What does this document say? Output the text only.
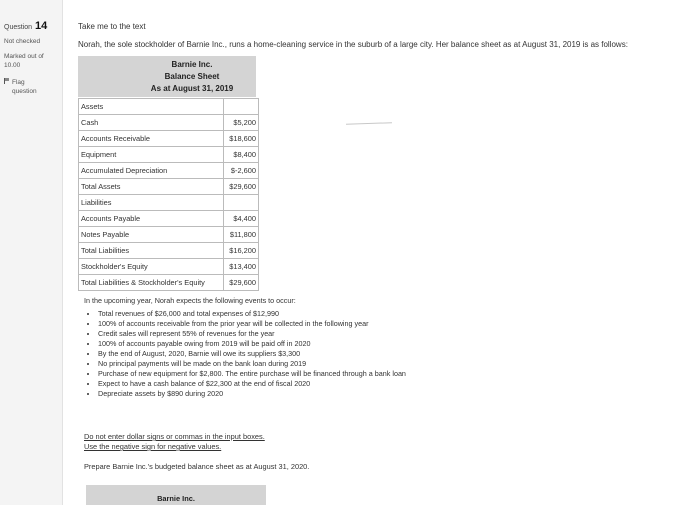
Question 14
Not checked
Marked out of
10.00
Flag question
Take me to the text
Norah, the sole stockholder of Barnie Inc., runs a home-cleaning service in the suburb of a large city. Her balance sheet as at August 31, 2019 is as follows:
Barnie Inc.
Balance Sheet
As at August 31, 2019
Assets	
Cash	$5,200
Accounts Receivable	$18,600
Equipment	$8,400
Accumulated Depreciation	$-2,600
Total Assets	$29,600
Liabilities	
Accounts Payable	$4,400
Notes Payable	$11,800
Total Liabilities	$16,200
Stockholder's Equity	$13,400
Total Liabilities & Stockholder's Equity	$29,600

In the upcoming year, Norah expects the following events to occur:

• Total revenues of $26,000 and total expenses of $12,990
• 100% of accounts receivable from the prior year will be collected in the following year
• Credit sales will represent 55% of revenues for the year
• 100% of accounts payable owing from 2019 will be paid off in 2020
• By the end of August, 2020, Barnie will owe its suppliers $3,300
• No principal payments will be made on the bank loan during 2019
• Purchase of new equipment for $2,800. The entire purchase will be financed through a bank loan
• Expect to have a cash balance of $22,300 at the end of fiscal 2020
• Depreciate assets by $890 during 2020
Do not enter dollar signs or commas in the input boxes.
Use the negative sign for negative values.
Prepare Barnie Inc.'s budgeted balance sheet as at August 31, 2020.
Barnie Inc.
